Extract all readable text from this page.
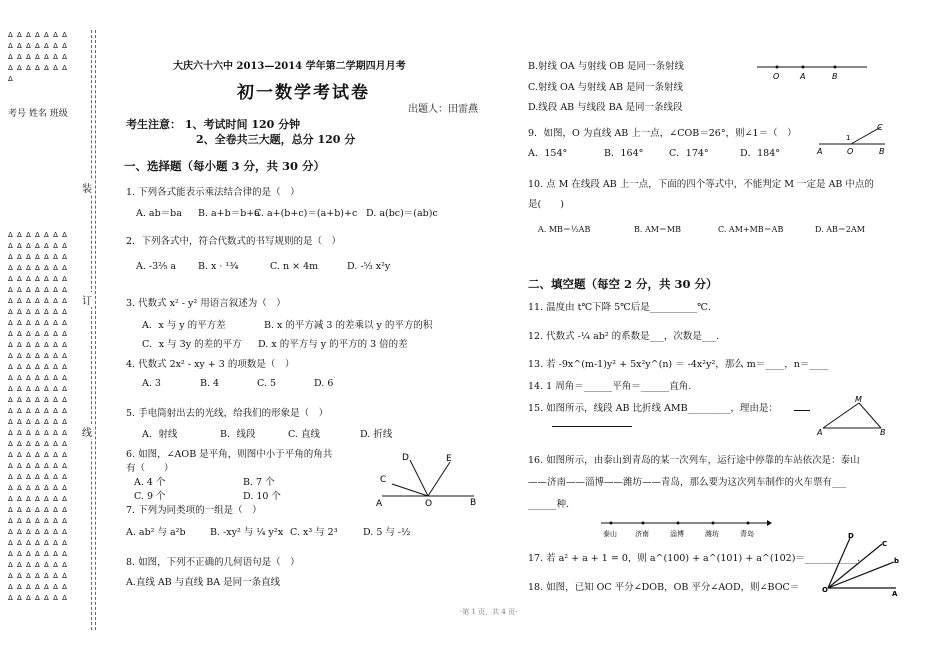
Δ Δ Δ Δ Δ Δ Δ
Δ Δ Δ Δ Δ Δ Δ
Δ Δ Δ Δ Δ Δ Δ
Δ Δ Δ Δ Δ Δ Δ
Δ
考号 姓名 班级
Δ Δ Δ Δ Δ Δ Δ
Δ Δ Δ Δ Δ Δ Δ
Δ Δ Δ Δ Δ Δ Δ
Δ Δ Δ Δ Δ Δ Δ
Δ Δ Δ Δ Δ Δ Δ
Δ Δ Δ Δ Δ Δ Δ
Δ Δ Δ Δ Δ Δ Δ
Δ Δ Δ Δ Δ Δ Δ
Δ Δ Δ Δ Δ Δ Δ
Δ Δ Δ Δ Δ Δ Δ
Δ Δ Δ Δ Δ Δ Δ
Δ Δ Δ Δ Δ Δ Δ
Δ Δ Δ Δ Δ Δ Δ
Δ Δ Δ Δ Δ Δ Δ
Δ Δ Δ Δ Δ Δ Δ
Δ Δ Δ Δ Δ Δ Δ
Δ Δ Δ Δ Δ Δ Δ
Δ Δ Δ Δ Δ Δ Δ
Δ Δ Δ Δ Δ Δ Δ
Δ Δ Δ Δ Δ Δ Δ
Δ Δ Δ Δ Δ Δ Δ
Δ Δ Δ Δ Δ Δ Δ
Δ Δ Δ Δ Δ Δ Δ
Δ Δ Δ Δ Δ Δ Δ
Δ Δ Δ Δ Δ Δ Δ
Δ Δ Δ Δ Δ Δ Δ
Δ Δ Δ Δ Δ Δ Δ
Δ Δ Δ Δ Δ Δ Δ
Δ Δ Δ Δ Δ Δ Δ
Δ Δ Δ Δ Δ Δ Δ
Δ Δ Δ Δ Δ Δ Δ
Δ Δ Δ Δ Δ Δ Δ
Δ Δ Δ Δ Δ Δ Δ
Δ Δ Δ Δ Δ Δ Δ
装
订
线
大庆六十六中 2013—2014 学年第二学期四月月考
初一数学考试卷
出题人：田雷燕
考生注意： 1、考试时间 120 分钟
2、全卷共三大题，总分 120 分
一、选择题（每小题 3 分，共 30 分）
1. 下列各式能表示乘法结合律的是（　）
A. ab＝ba B. a+b＝b+a
C. a+(b+c)＝(a+b)+c D. a(bc)＝(ab)c
2．下列各式中，符合代数式的书写规则的是（　）
A. -3²⁄₅ a B. x · ¹³⁄₄	C. n × 4m	D. -⁵⁄₃ x²y
3. 代数式 x² - y² 用语言叙述为（　）
A．x 与 y 的平方差	B. x 的平方减 3 的差乘以 y 的平方的积
C．x 与 3y 的差的平方 D. x 的平方与 y 的平方的 3 倍的差
4. 代数式 2x² - xy + 3 的项数是（　）
A. 3	B. 4	C. 5	D. 6
5. 手电筒射出去的光线，给我们的形象是（　）
A．射线	B．线段	C. 直线	D. 折线
6. 如图，∠AOB 是平角，则图中小于平角的角共
有（　　）
A. 4 个	B. 7 个
C. 9 个	D. 10 个
D	E
C
A	O	B
7. 下列为同类项的一组是（　）
A. ab² 与 a²b	B. -xy² 与 ¼ y²x C. x³ 与 2³	D. 5 与 -½
8. 如图，下列不正确的几何语句是（　）
A.直线 AB 与直线 BA 是同一条直线
B.射线 OA 与射线 OB 是同一条射线
C.射线 OA 与射线 AB 是同一条射线
D.线段 AB 与线段 BA 是同一条线段
O	A	B
9．如图，O 为直线 AB 上一点，∠COB＝26°，则∠1＝（　）
A．154°	B．164°	C．174°	D．184°
C
1
A	O	B
10. 点 M 在线段 AB 上一点，下面的四个等式中，不能判定 M 一定是 AB 中点的
是(　　)
A. MB＝½AB	B. AM＝MB	C. AM+MB＝AB	D. AB＝2AM
二、填空题（每空 2 分，共 30 分）
11. 温度由 t℃下降 5℃后是__________℃.
12. 代数式 -¼ ab² 的系数是___，次数是___.
13. 若 -9x^(m-1)y² + 5x²y^(n) ＝ -4x²y²，那么 m＝____，n＝____
14. 1 周角＝______平角＝______直角.
15. 如图所示，线段 AB 比折线 AMB_________，理由是：
M
A	B
16. 如图所示，由泰山到青岛的某一次列车，运行途中停靠的车站依次是：泰山
——济南——淄博——潍坊——青岛，那么要为这次列车制作的火车票有___
______种.
泰山	济南	淄博	潍坊	青岛
17. 若 a² + a + 1 = 0，则 a^(100) + a^(101) + a^(102)＝___________.
18. 如图，已知 OC 平分∠DOB，OB 平分∠AOD，则∠BOC＝
D
C
b
O	A
·第 1 页，共 4 页·
